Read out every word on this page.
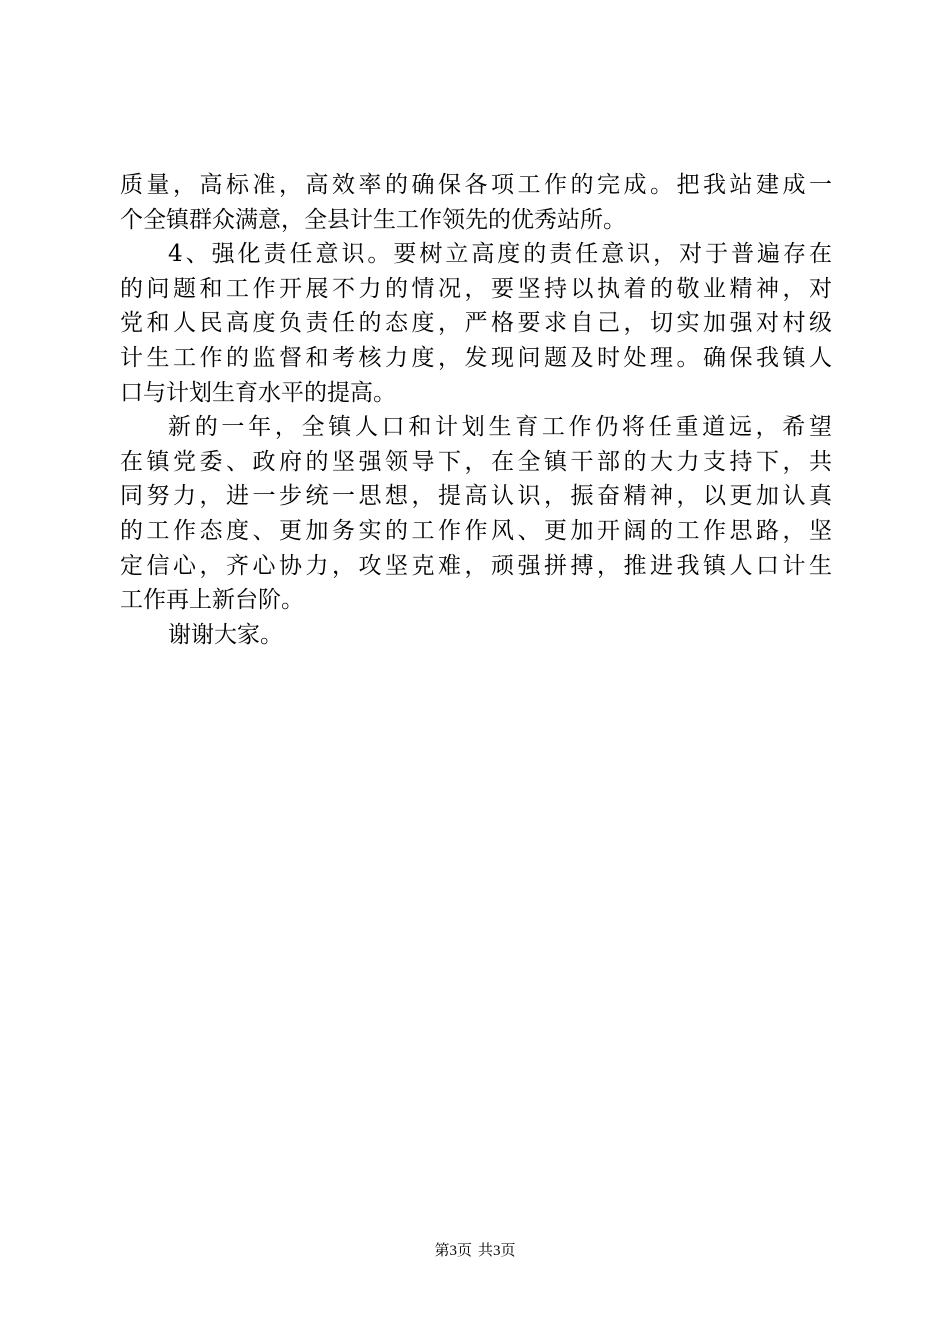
质量，高标准，高效率的确保各项工作的完成。把我站建成一
个全镇群众满意，全县计生工作领先的优秀站所。
4、强化责任意识。要树立高度的责任意识，对于普遍存在
的问题和工作开展不力的情况，要坚持以执着的敬业精神，对
党和人民高度负责任的态度，严格要求自己，切实加强对村级
计生工作的监督和考核力度，发现问题及时处理。确保我镇人
口与计划生育水平的提高。
新的一年，全镇人口和计划生育工作仍将任重道远，希望
在镇党委、政府的坚强领导下，在全镇干部的大力支持下，共
同努力，进一步统一思想，提高认识，振奋精神，以更加认真
的工作态度、更加务实的工作作风、更加开阔的工作思路，坚
定信心，齐心协力，攻坚克难，顽强拼搏，推进我镇人口计生
工作再上新台阶。
谢谢大家。
第3页 共3页
